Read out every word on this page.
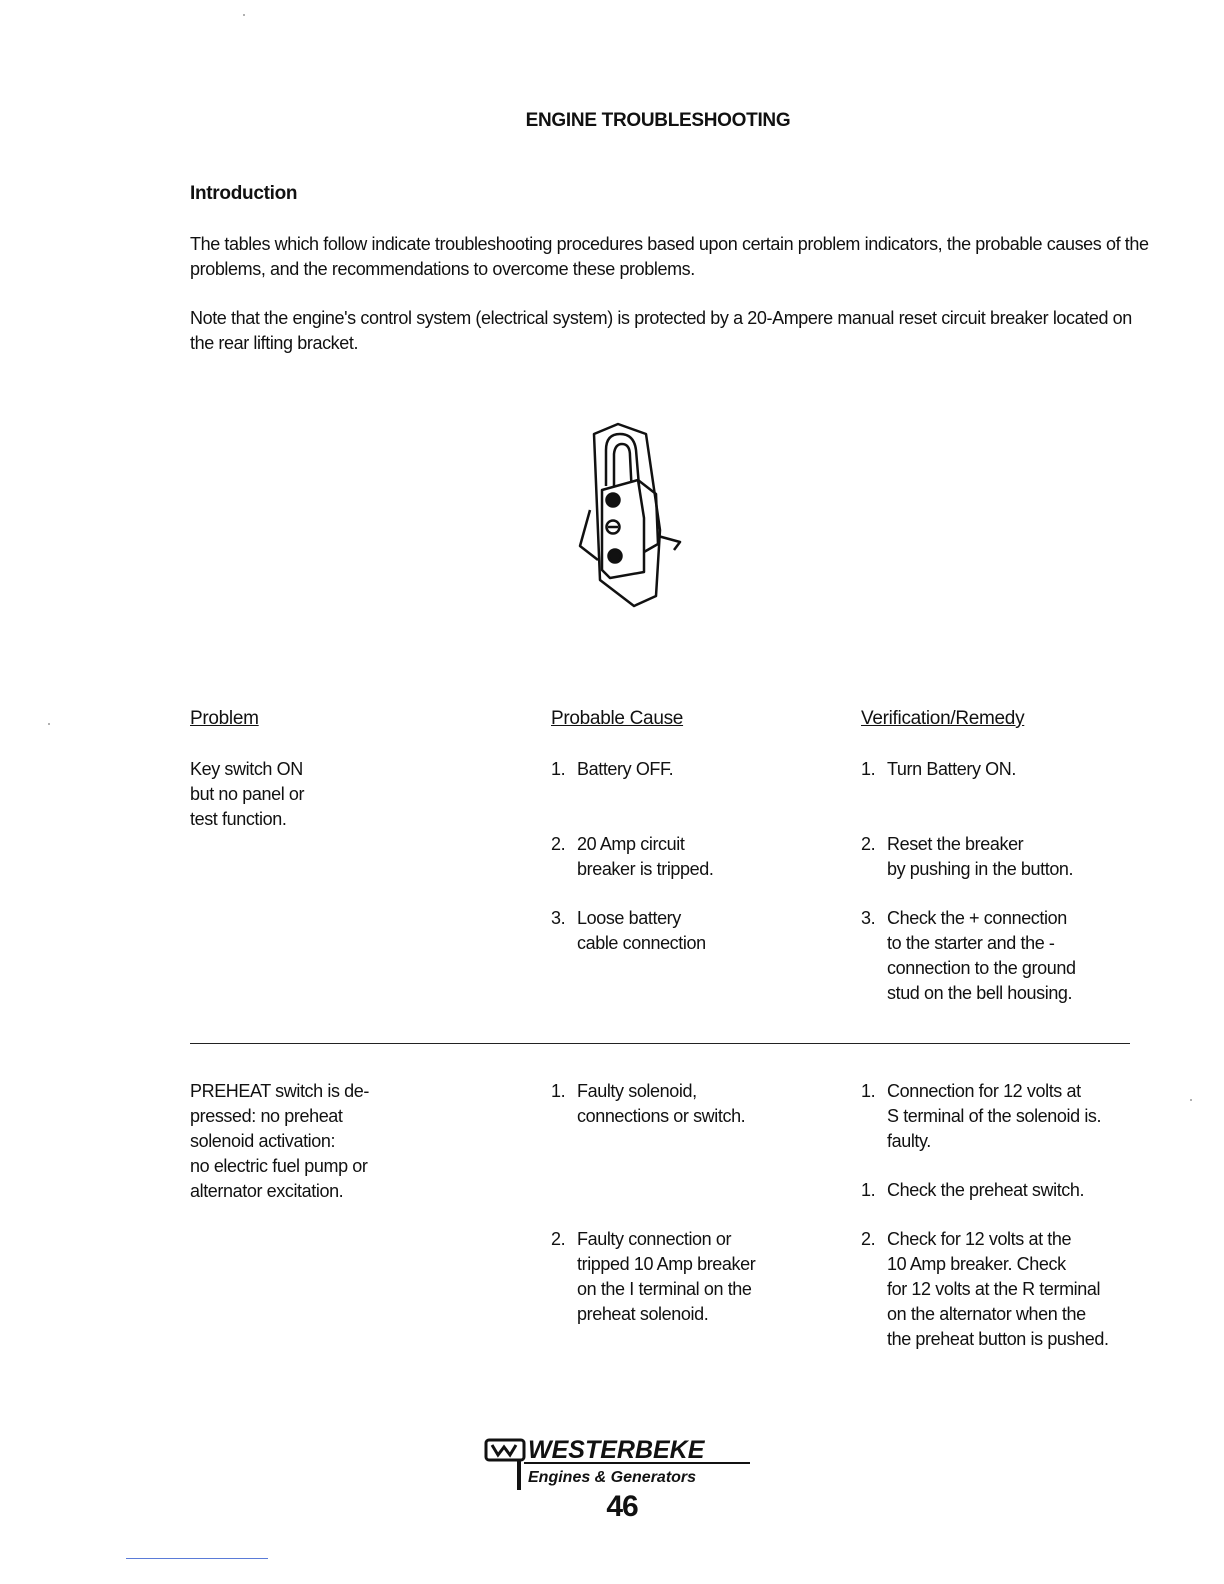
ENGINE TROUBLESHOOTING
Introduction
The tables which follow indicate troubleshooting procedures based upon certain problem indicators, the probable causes of the problems, and the recommendations to overcome these problems.
Note that the engine's control system (electrical system) is protected by a 20-Ampere manual reset circuit breaker located on the rear lifting bracket.
Problem	Probable Cause	Verification/Remedy
Key switch ON
but no panel or
test function.
1. Battery OFF.
2. 20 Amp circuit
breaker is tripped.
3. Loose battery
cable connection
1. Turn Battery ON.
2. Reset the breaker
by pushing in the button.
3. Check the + connection
to the starter and the -
connection to the ground
stud on the bell housing.
PREHEAT switch is de-
pressed: no preheat
solenoid activation:
no electric fuel pump or
alternator excitation.
1. Faulty solenoid,
connections or switch.
2. Faulty connection or
tripped 10 Amp breaker
on the I terminal on the
preheat solenoid.
1. Connection for 12 volts at
S terminal of the solenoid is.
faulty.
1. Check the preheat switch.
2. Check for 12 volts at the
10 Amp breaker. Check
for 12 volts at the R terminal
on the alternator when the
the preheat button is pushed.
WESTERBEKE
Engines & Generators
46
